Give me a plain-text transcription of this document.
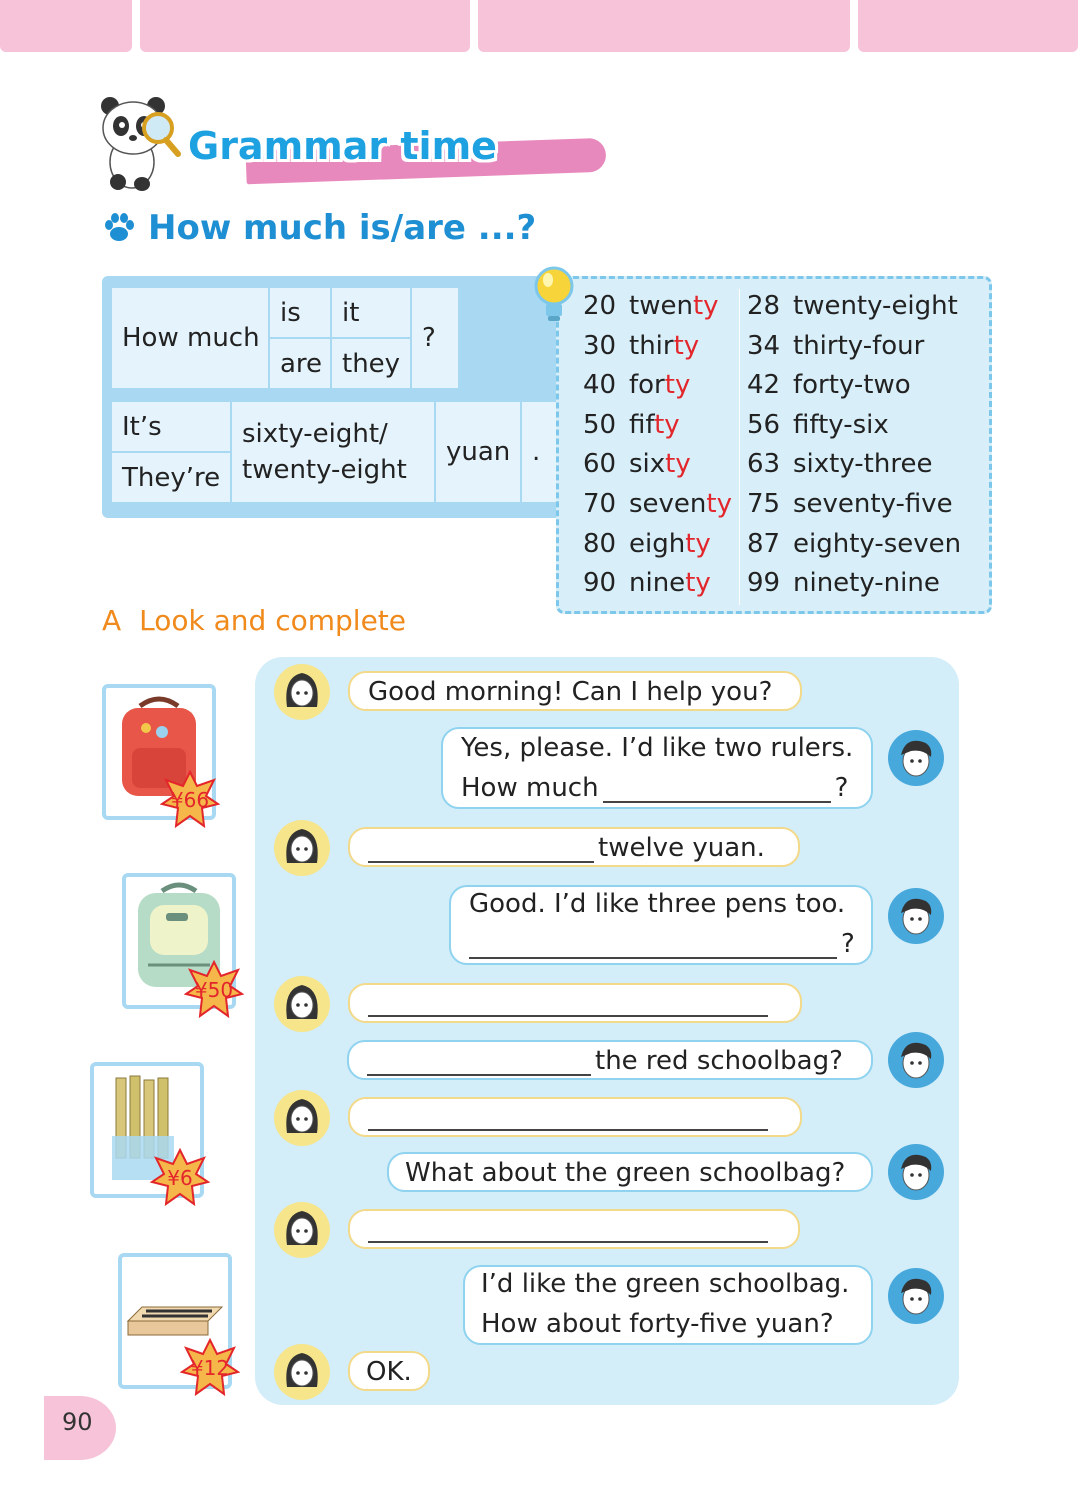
Grammar time
How much is/are ...?
How much
is
are
it
they
?
It’s
They’re
sixty-eight/
twenty-eight
yuan .
20 twenty
30 thirty
40 forty
50 fifty
60 sixty
70 seventy
80 eighty
90 ninety
28 twenty-eight
34 thirty-four
42 forty-two
56 fifty-six
63 sixty-three
75 seventy-five
87 eighty-seven
99 ninety-nine
A Look and complete
¥66
¥50
¥6
¥12
Good morning! Can I help you?
Yes, please. I’d like two rulers.
How much	?
twelve yuan.
Good. I’d like three pens too.
?
the red schoolbag?
What about the green schoolbag?
I’d like the green schoolbag.
How about forty-five yuan?
OK.
90
